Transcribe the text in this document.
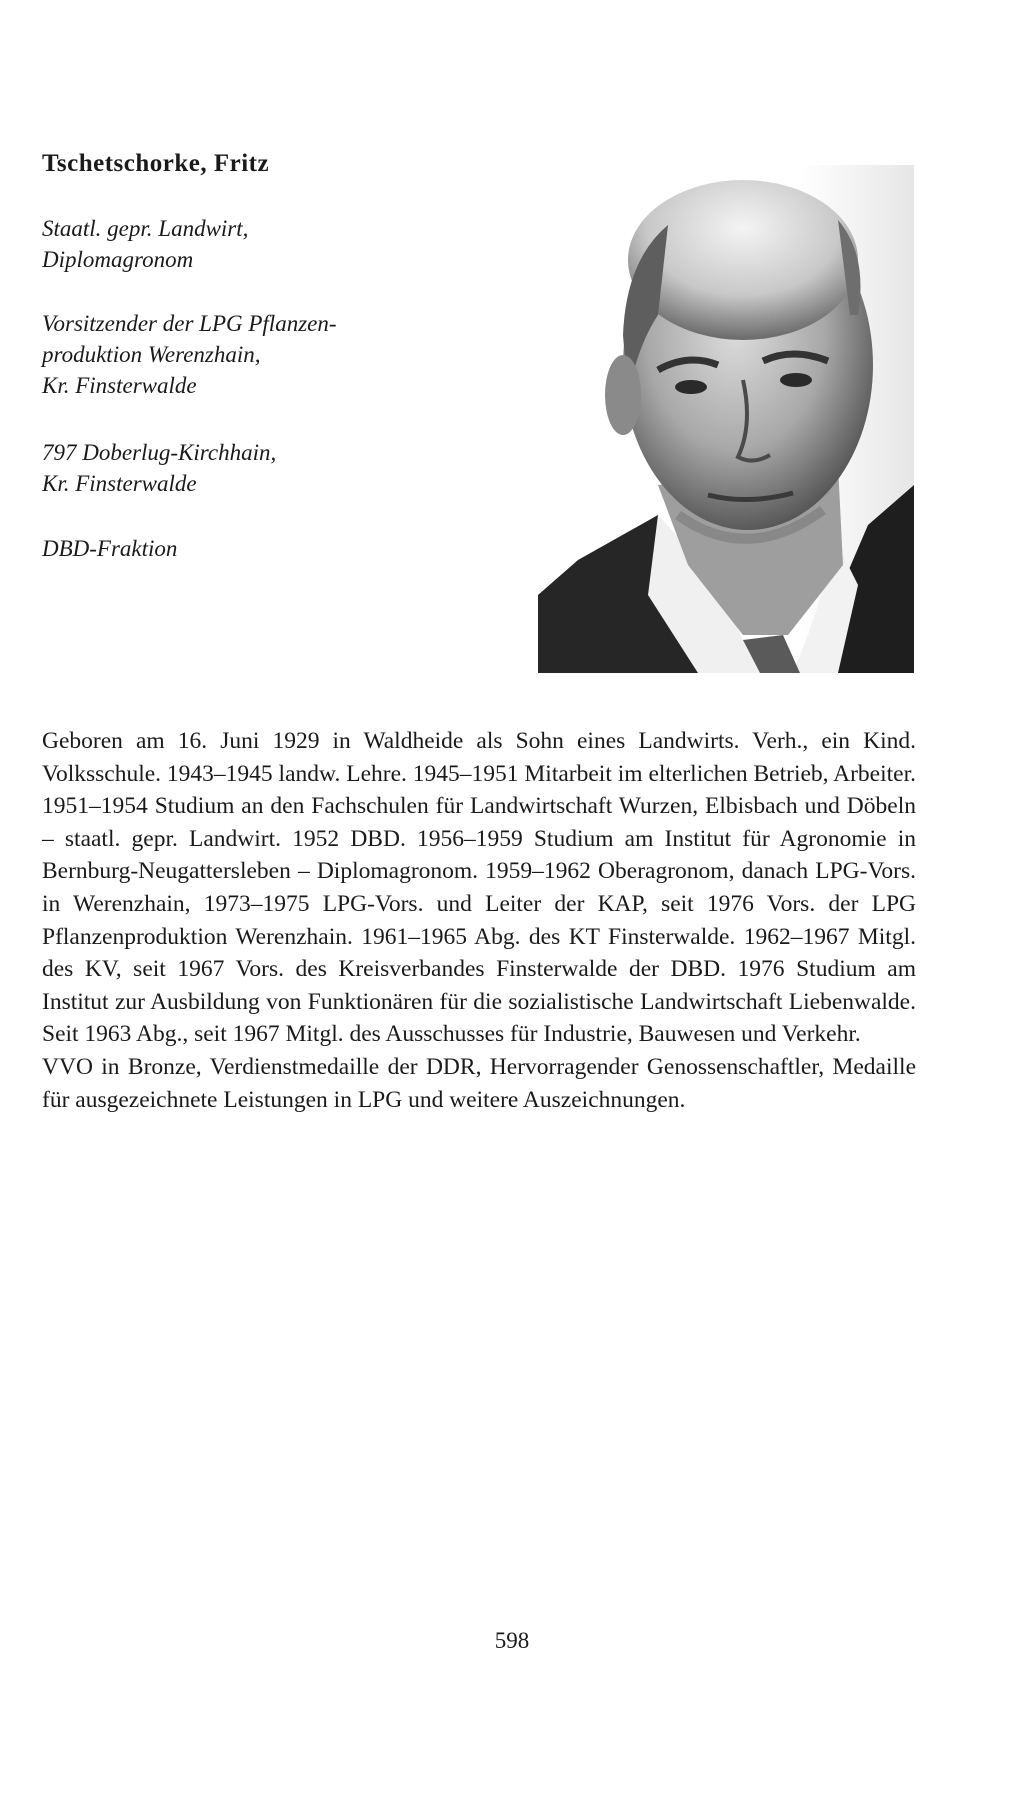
Tschetschorke, Fritz
Staatl. gepr. Landwirt,
Diplomagronom
Vorsitzender der LPG Pflanzen-
produktion Werenzhain,
Kr. Finsterwalde
797 Doberlug-Kirchhain,
Kr. Finsterwalde
DBD-Fraktion

Geboren am 16. Juni 1929 in Waldheide als Sohn eines Landwirts. Verh., ein Kind. Volksschule. 1943–1945 landw. Lehre. 1945–1951 Mitarbeit im elterlichen Betrieb, Arbeiter. 1951–1954 Studium an den Fachschulen für Landwirtschaft Wurzen, Elbisbach und Döbeln – staatl. gepr. Landwirt. 1952 DBD. 1956–1959 Studium am Institut für Agronomie in Bernburg-Neugattersleben – Diplomagronom. 1959–1962 Oberagronom, danach LPG-Vors. in Werenzhain, 1973–1975 LPG-Vors. und Leiter der KAP, seit 1976 Vors. der LPG Pflanzenproduktion Werenzhain. 1961–1965 Abg. des KT Finsterwalde. 1962–1967 Mitgl. des KV, seit 1967 Vors. des Kreisverbandes Finsterwalde der DBD. 1976 Studium am Institut zur Ausbildung von Funktionären für die sozialistische Landwirtschaft Liebenwalde. Seit 1963 Abg., seit 1967 Mitgl. des Ausschusses für Industrie, Bauwesen und Verkehr.

VVO in Bronze, Verdienstmedaille der DDR, Hervorragender Genossenschaftler, Medaille für ausgezeichnete Leistungen in LPG und weitere Auszeichnungen.

598
